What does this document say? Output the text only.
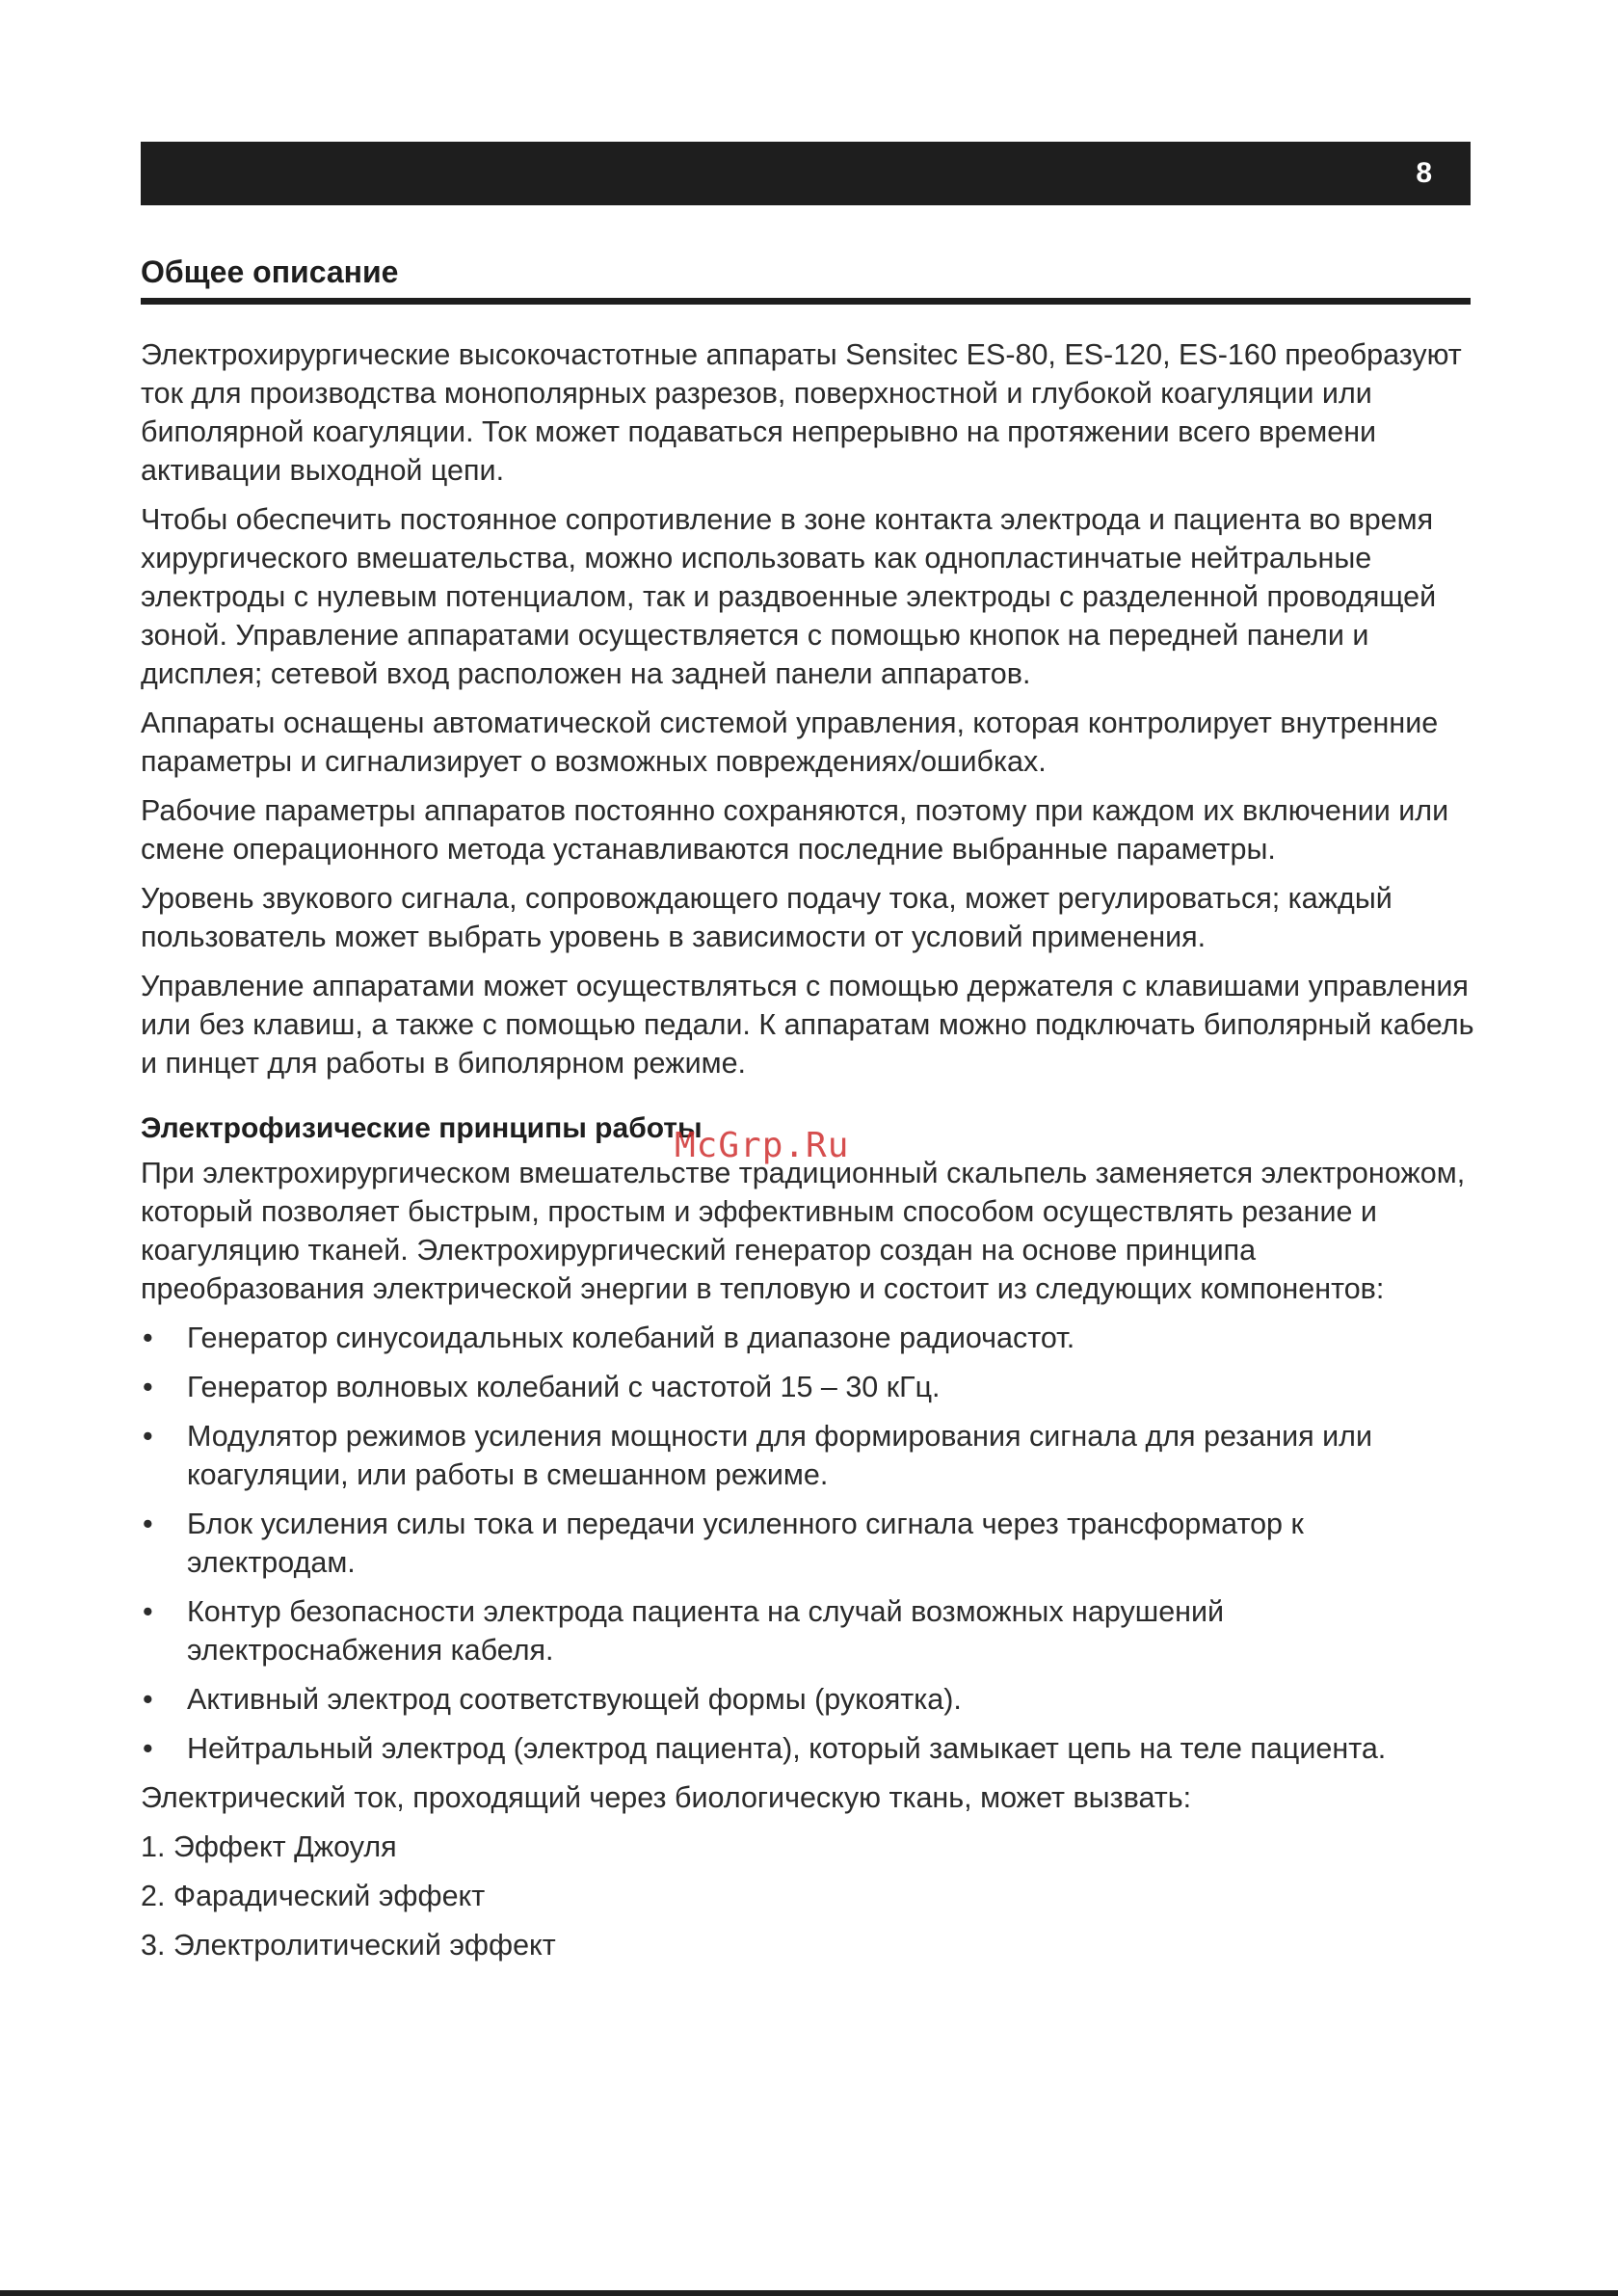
8
Общее описание

Электрохирургические высокочастотные аппараты Sensitec ES-80, ES-120, ES-160 преобразуют ток для производства монополярных разрезов, поверхностной и глубокой коагуляции или биполярной коагуляции. Ток может подаваться непрерывно на протяжении всего времени активации выходной цепи.

Чтобы обеспечить постоянное сопротивление в зоне контакта электрода и пациента во время хирургического вмешательства, можно использовать как однопластинчатые нейтральные электроды с нулевым потенциалом, так и раздвоенные электроды с разделенной проводящей зоной. Управление аппаратами осуществляется с помощью кнопок на передней панели и дисплея; сетевой вход расположен на задней панели аппаратов.

Аппараты оснащены автоматической системой управления, которая контролирует внутренние параметры и сигнализирует о возможных повреждениях/ошибках.

Рабочие параметры аппаратов постоянно сохраняются, поэтому при каждом их включении или смене операционного метода устанавливаются последние выбранные параметры.

Уровень звукового сигнала, сопровождающего подачу тока, может регулироваться; каждый пользователь может выбрать уровень в зависимости от условий применения.

Управление аппаратами может осуществляться с помощью держателя с клавишами управления или без клавиш, а также с помощью педали. К аппаратам можно подключать биполярный кабель и пинцет для работы в биполярном режиме.

Электрофизические принципы работы

При электрохирургическом вмешательстве традиционный скальпель заменяется электроножом, который позволяет быстрым, простым и эффективным способом осуществлять резание и коагуляцию тканей. Электрохирургический генератор создан на основе принципа преобразования электрической энергии в тепловую и состоит из следующих компонентов:

• Генератор синусоидальных колебаний в диапазоне радиочастот.
• Генератор волновых колебаний с частотой 15 – 30 кГц.
• Модулятор режимов усиления мощности для формирования сигнала для резания или коагуляции, или работы в смешанном режиме.
• Блок усиления силы тока и передачи усиленного сигнала через трансформатор к электродам.
• Контур безопасности электрода пациента на случай возможных нарушений электроснабжения кабеля.
• Активный электрод соответствующей формы (рукоятка).
• Нейтральный электрод (электрод пациента), который замыкает цепь на теле пациента.

Электрический ток, проходящий через биологическую ткань, может вызвать:

1. Эффект Джоуля
2. Фарадический эффект
3. Электролитический эффект
McGrp.Ru
